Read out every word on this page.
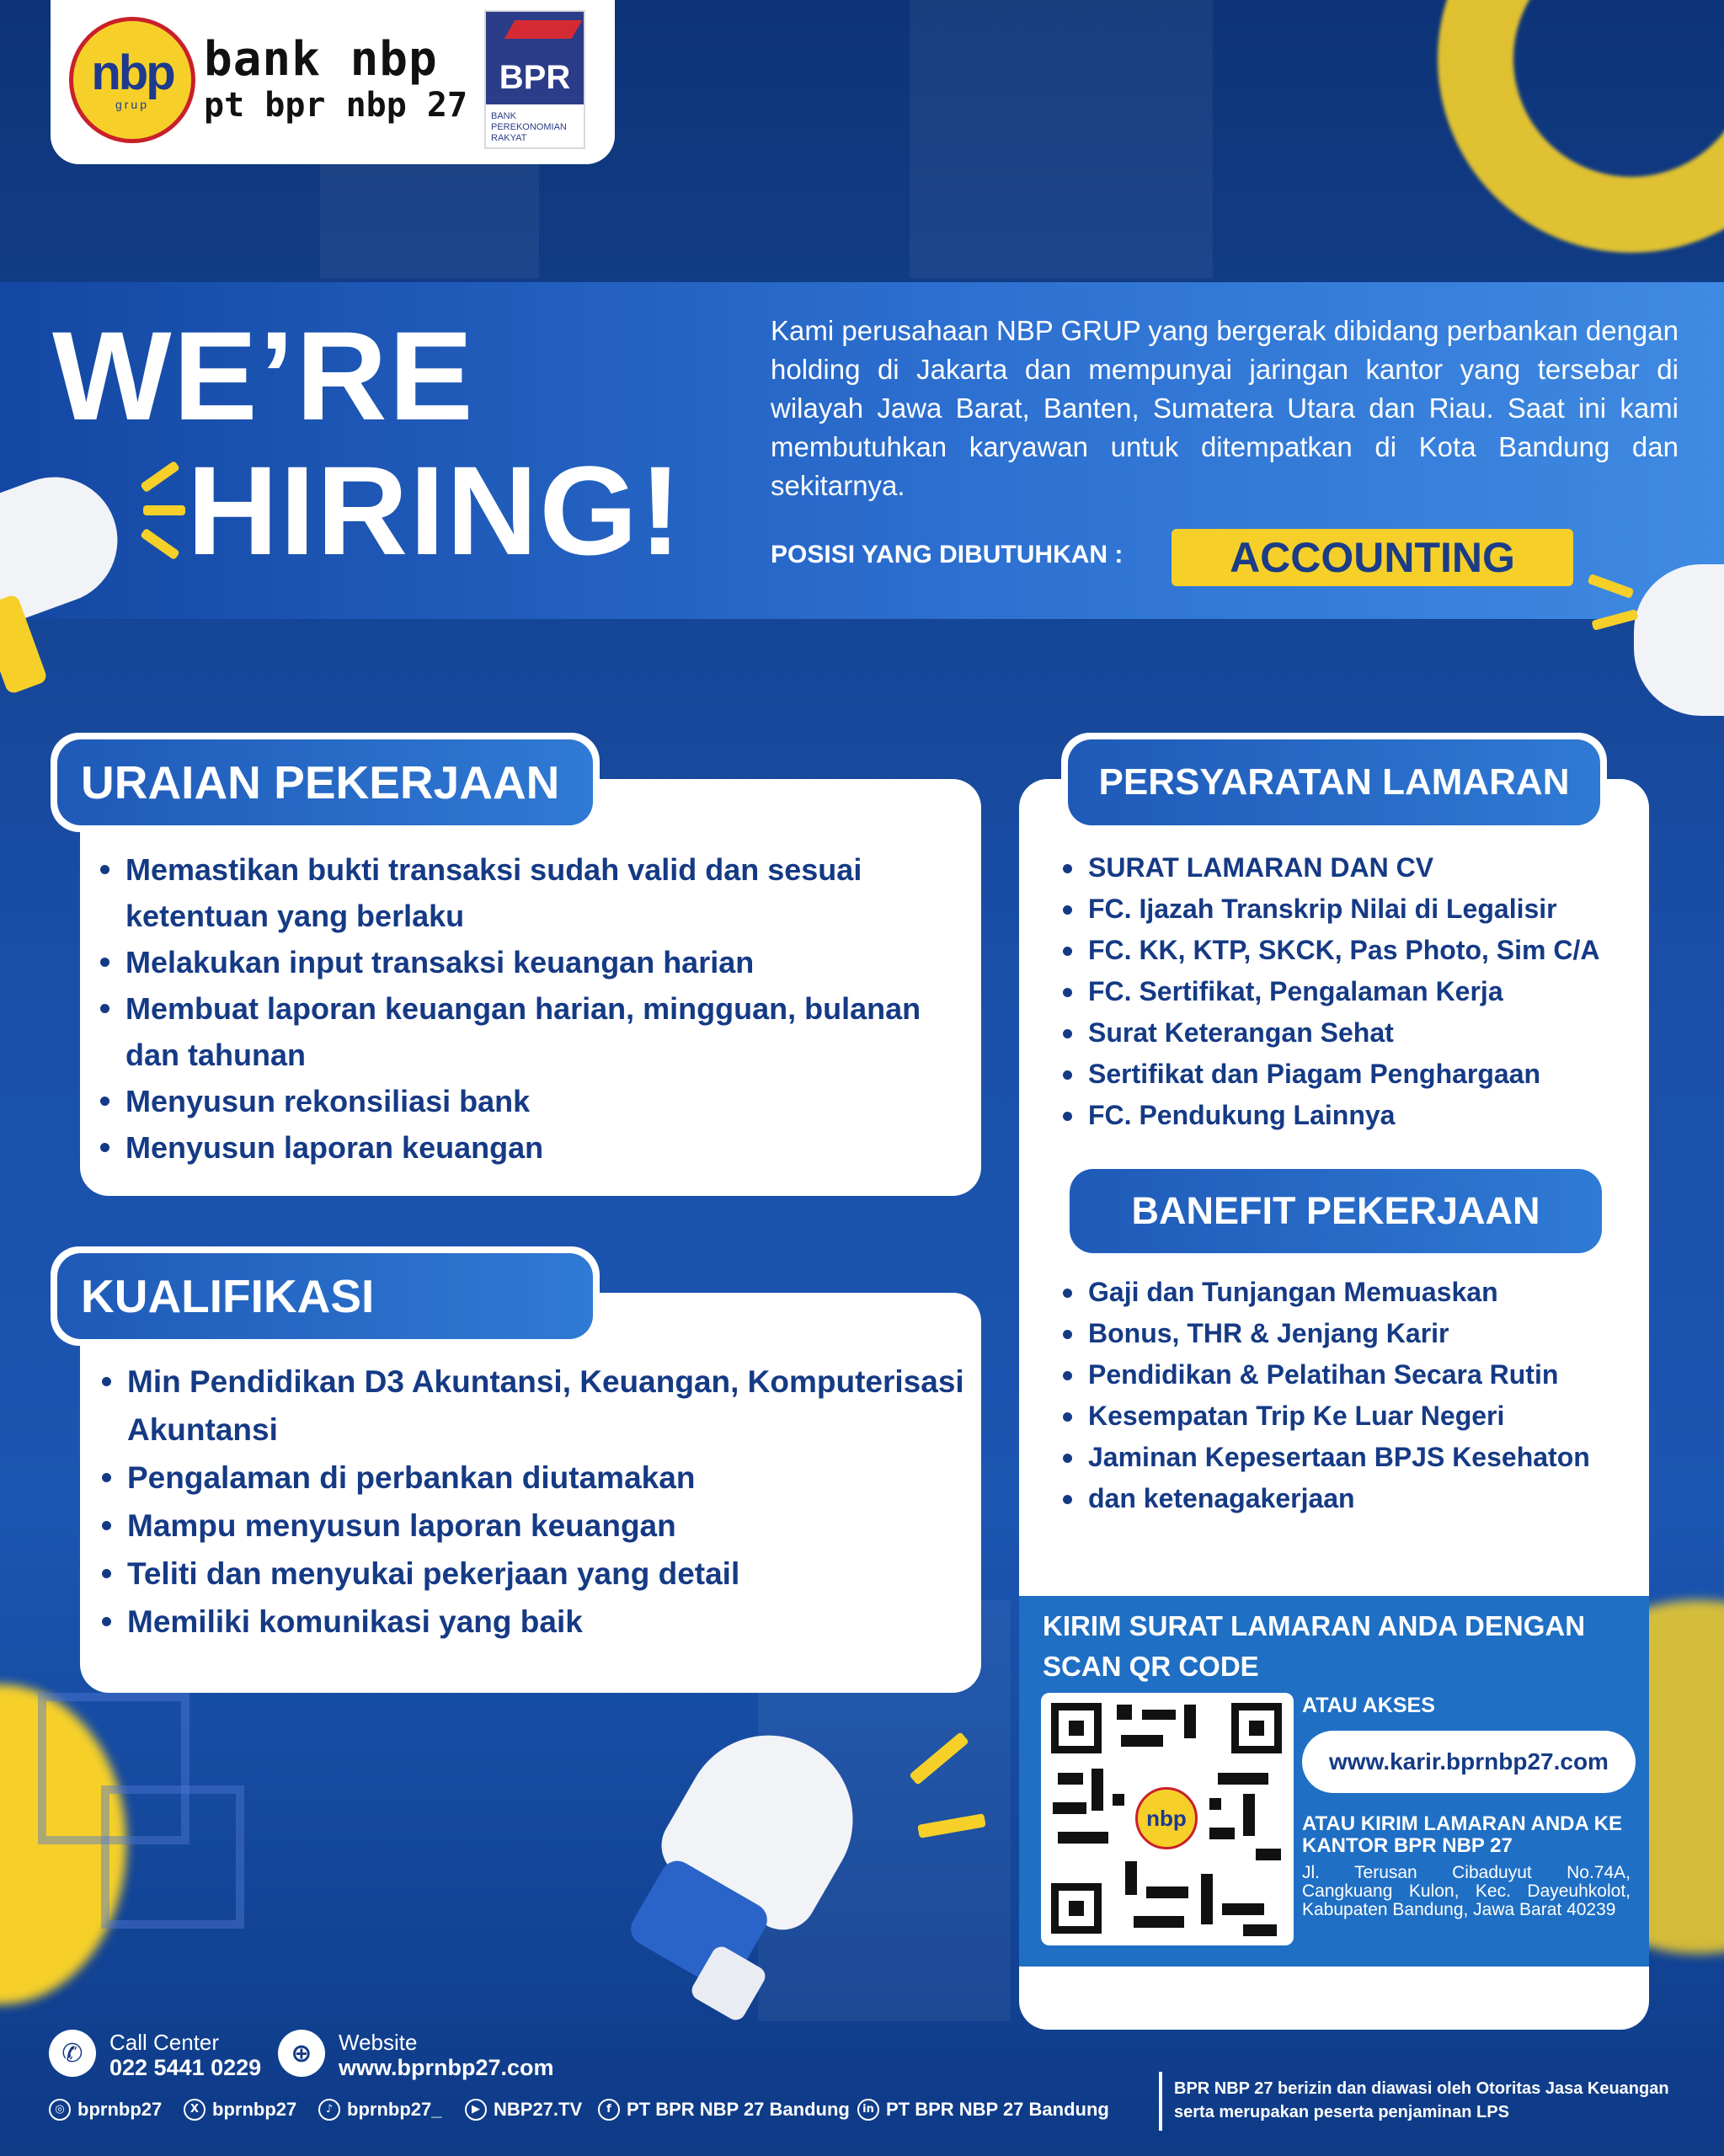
nbp
grup
bank nbp
pt bpr nbp 27
BPR
BANK PEREKONOMIAN RAKYAT
WE’RE
HIRING!
Kami perusahaan NBP GRUP yang bergerak dibidang perbankan dengan holding di Jakarta dan mempunyai jaringan kantor yang tersebar di wilayah Jawa Barat, Banten, Sumatera Utara dan Riau. Saat ini kami membutuhkan karyawan untuk ditempatkan di Kota Bandung dan sekitarnya.
POSISI YANG DIBUTUHKAN :	ACCOUNTING
URAIAN PEKERJAAN
Memastikan bukti transaksi sudah valid dan sesuai ketentuan yang berlaku
Melakukan input transaksi keuangan harian
Membuat laporan keuangan harian, mingguan, bulanan dan tahunan
Menyusun rekonsiliasi bank
Menyusun laporan keuangan
KUALIFIKASI
Min Pendidikan D3 Akuntansi, Keuangan, Komputerisasi Akuntansi
Pengalaman di perbankan diutamakan
Mampu menyusun laporan keuangan
Teliti dan menyukai pekerjaan yang detail
Memiliki komunikasi yang baik
PERSYARATAN LAMARAN
SURAT LAMARAN DAN CV
FC. Ijazah Transkrip Nilai di Legalisir
FC. KK, KTP, SKCK, Pas Photo, Sim C/A
FC. Sertifikat, Pengalaman Kerja
Surat Keterangan Sehat
Sertifikat dan Piagam Penghargaan
FC. Pendukung Lainnya
BANEFIT PEKERJAAN
Gaji dan Tunjangan Memuaskan
Bonus, THR & Jenjang Karir
Pendidikan & Pelatihan Secara Rutin
Kesempatan Trip Ke Luar Negeri
Jaminan Kepesertaan BPJS Kesehaton
dan ketenagakerjaan
KIRIM SURAT LAMARAN ANDA DENGAN SCAN QR CODE
nbp
ATAU AKSES
www.karir.bprnbp27.com
ATAU KIRIM LAMARAN ANDA KE KANTOR BPR NBP 27
Jl. Terusan Cibaduyut No.74A, Cangkuang Kulon, Kec. Dayeuhkolot, Kabupaten Bandung, Jawa Barat 40239
✆	Call Center
022 5441 0229	⊕	Website
www.bprnbp27.com
◎ bprnbp27	X bprnbp27	♪ bprnbp27_	▶ NBP27.TV	f PT BPR NBP 27 Bandung	in PT BPR NBP 27 Bandung
BPR NBP 27 berizin dan diawasi oleh Otoritas Jasa Keuangan serta merupakan peserta penjaminan LPS
